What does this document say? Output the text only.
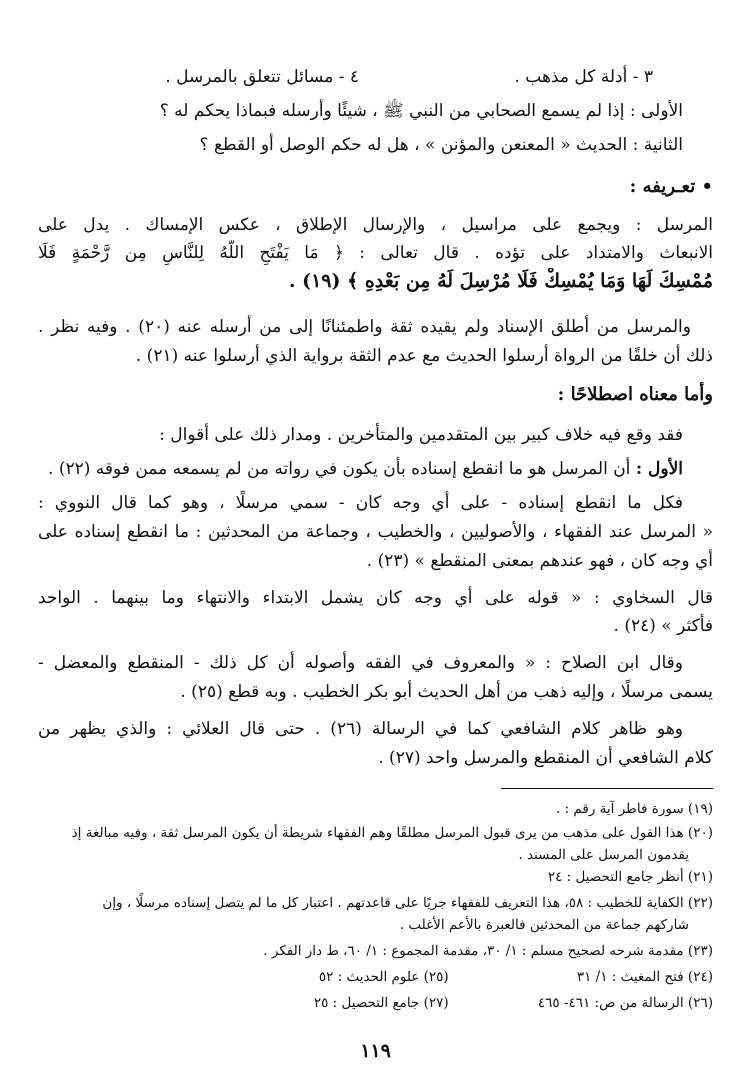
٣ - أدلة كل مذهب . ٤ - مسائل تتعلق بالمرسل .
الأولى : إذا لم يسمع الصحابي من النبي ﷺ ، شيئًا وأرسله فبماذا يحكم له ؟
الثانية : الحديث « المعنعن والمؤنن » ، هل له حكم الوصل أو القطع ؟
• تعـريفه :
المرسل : ويجمع على مراسيل ، والإرسال الإطلاق ، عكس الإمساك . يدل على
الانبعاث والامتداد على تؤده . قال تعالى : ﴿ مَا يَفْتَحِ اللَّهُ لِلنَّاسِ مِن رَّحْمَةٍ فَلَا
مُمْسِكَ لَهَا وَمَا يُمْسِكْ فَلَا مُرْسِلَ لَهُ مِن بَعْدِهِ ﴾ (١٩) .
والمرسل من أطلق الإسناد ولم يقيده ثقة واطمئنانًا إلى من أرسله عنه (٢٠) . وفيه نظر .
ذلك أن خلقًا من الرواة أرسلوا الحديث مع عدم الثقة برواية الذي أرسلوا عنه (٢١) .
وأما معناه اصطلاحًا :
فقد وقع فيه خلاف كبير بين المتقدمين والمتأخرين . ومدار ذلك على أقوال :
الأول : أن المرسل هو ما انقطع إسناده بأن يكون في رواته من لم يسمعه ممن فوقه (٢٢) .
فكل ما انقطع إسناده - على أي وجه كان - سمي مرسلًا ، وهو كما قال النووي :
« المرسل عند الفقهاء ، والأصوليين ، والخطيب ، وجماعة من المحدثين : ما انقطع إسناده على
أي وجه كان ، فهو عندهم بمعنى المنقطع » (٢٣) .
قال السخاوي : « قوله على أي وجه كان يشمل الابتداء والانتهاء وما بينهما . الواحد
فأكثر » (٢٤) .
وقال ابن الصلاح : « والمعروف في الفقه وأصوله أن كل ذلك - المنقطع والمعضل -
يسمى مرسلًا ، وإليه ذهب من أهل الحديث أبو بكر الخطيب . وبه قطع (٢٥) .
وهو ظاهر كلام الشافعي كما في الرسالة (٢٦) . حتى قال العلائي : والذي يظهر من
كلام الشافعي أن المنقطع والمرسل واحد (٢٧) .
(١٩) سورة فاطر آية رقم : .
(٢٠) هذا القول على مذهب من يرى قبول المرسل مطلقًا وهم الفقهاء شريطة أن يكون المرسل ثقة ، وفيه مبالغة إذ
يقدمون المرسل على المسند .
(٢١) أنظر جامع التحصيل : ٢٤
(٢٢) الكفاية للخطيب : ٥٨، هذا التعريف للفقهاء جريًا على قاعدتهم . اعتبار كل ما لم يتصل إسناده مرسلًا ، وإن
شاركهم جماعة من المحدثين فالعبرة بالأعم الأغلب .
(٢٣) مقدمة شرحه لصحيح مسلم : ١/ ٣٠، مقدمة المجموع : ١/ ٦٠، ط دار الفكر .
(٢٤) فتح المغيث : ١/ ٣١ (٢٥) علوم الحديث : ٥٢
(٢٦) الرسالة من ص: ٤٦١- ٤٦٥ (٢٧) جامع التحصيل : ٢٥
١١٩
